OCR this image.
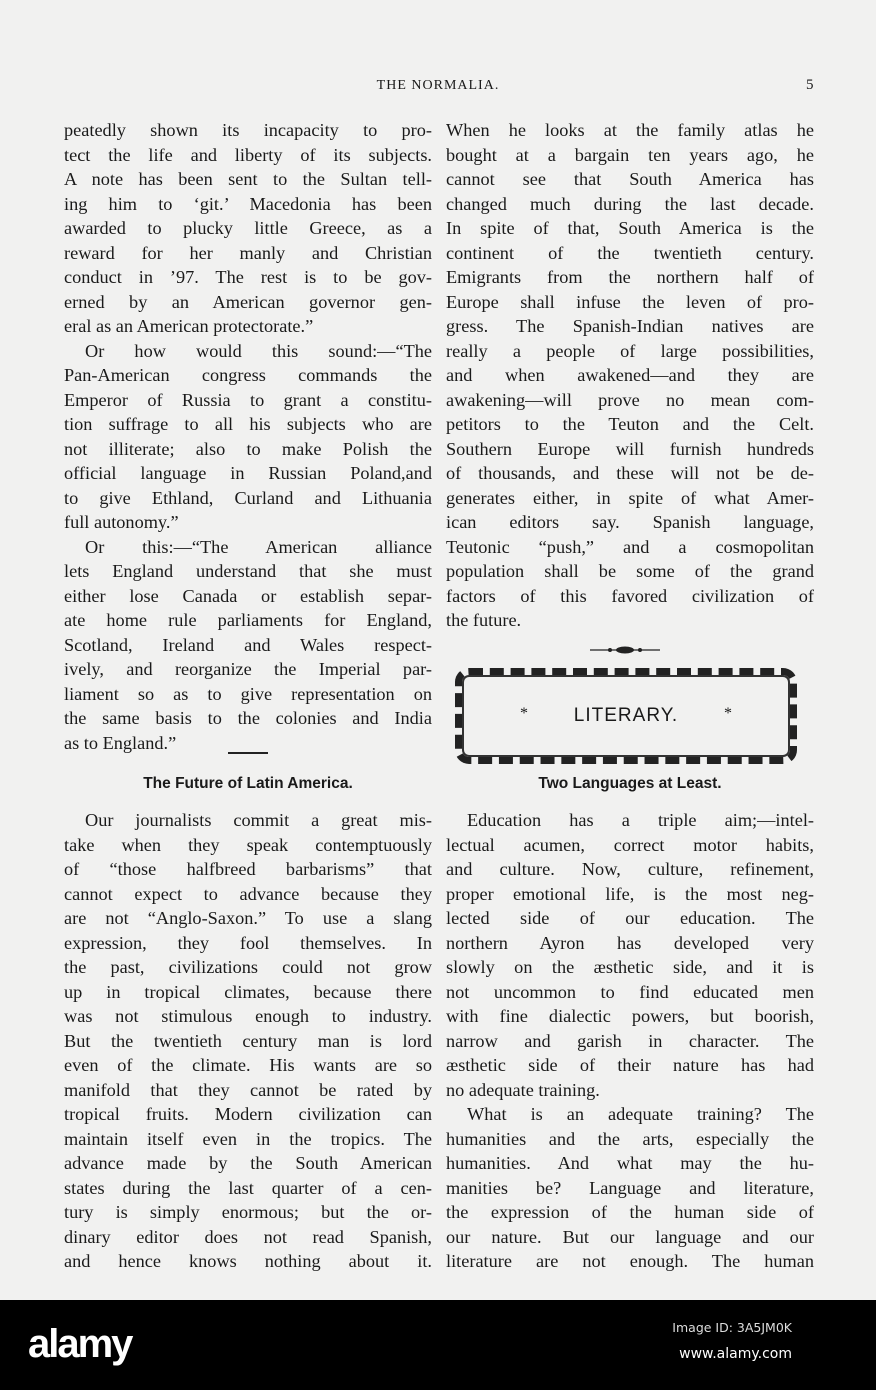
THE NORMALIA.	5
peatedly shown its incapacity to pro-
tect the life and liberty of its subjects.
A note has been sent to the Sultan tell-
ing him to ‘git.’ Macedonia has been
awarded to plucky little Greece, as a
reward for her manly and Christian
conduct in ’97. The rest is to be gov-
erned by an American governor gen-
eral as an American protectorate.”
Or how would this sound:—“The
Pan-American congress commands the
Emperor of Russia to grant a constitu-
tion suffrage to all his subjects who are
not illiterate; also to make Polish the
official language in Russian Poland,and
to give Ethland, Curland and Lithuania
full autonomy.”
Or this:—“The American alliance
lets England understand that she must
either lose Canada or establish separ-
ate home rule parliaments for England,
Scotland, Ireland and Wales respect-
ively, and reorganize the Imperial par-
liament so as to give representation on
the same basis to the colonies and India
as to England.”
The Future of Latin America.
Our journalists commit a great mis-
take when they speak contemptuously
of “those halfbreed barbarisms” that
cannot expect to advance because they
are not “Anglo-Saxon.” To use a slang
expression, they fool themselves. In
the past, civilizations could not grow
up in tropical climates, because there
was not stimulous enough to industry.
But the twentieth century man is lord
even of the climate. His wants are so
manifold that they cannot be rated by
tropical fruits. Modern civilization can
maintain itself even in the tropics. The
advance made by the South American
states during the last quarter of a cen-
tury is simply enormous; but the or-
dinary editor does not read Spanish,
and hence knows nothing about it.
When he looks at the family atlas he
bought at a bargain ten years ago, he
cannot see that South America has
changed much during the last decade.
In spite of that, South America is the
continent of the twentieth century.
Emigrants from the northern half of
Europe shall infuse the leven of pro-
gress. The Spanish-Indian natives are
really a people of large possibilities,
and when awakened—and they are
awakening—will prove no mean com-
petitors to the Teuton and the Celt.
Southern Europe will furnish hundreds
of thousands, and these will not be de-
generates either, in spite of what Amer-
ican editors say. Spanish language,
Teutonic “push,” and a cosmopolitan
population shall be some of the grand
factors of this favored civilization of
the future.
*	LITERARY.	*
Two Languages at Least.
Education has a triple aim;—intel-
lectual acumen, correct motor habits,
and culture. Now, culture, refinement,
proper emotional life, is the most neg-
lected side of our education. The
northern Ayron has developed very
slowly on the æsthetic side, and it is
not uncommon to find educated men
with fine dialectic powers, but boorish,
narrow and garish in character. The
æsthetic side of their nature has had
no adequate training.
What is an adequate training? The
humanities and the arts, especially the
humanities. And what may the hu-
manities be? Language and literature,
the expression of the human side of
our nature. But our language and our
literature are not enough. The human
alamy	Image ID: 3A5JM0K
www.alamy.com
